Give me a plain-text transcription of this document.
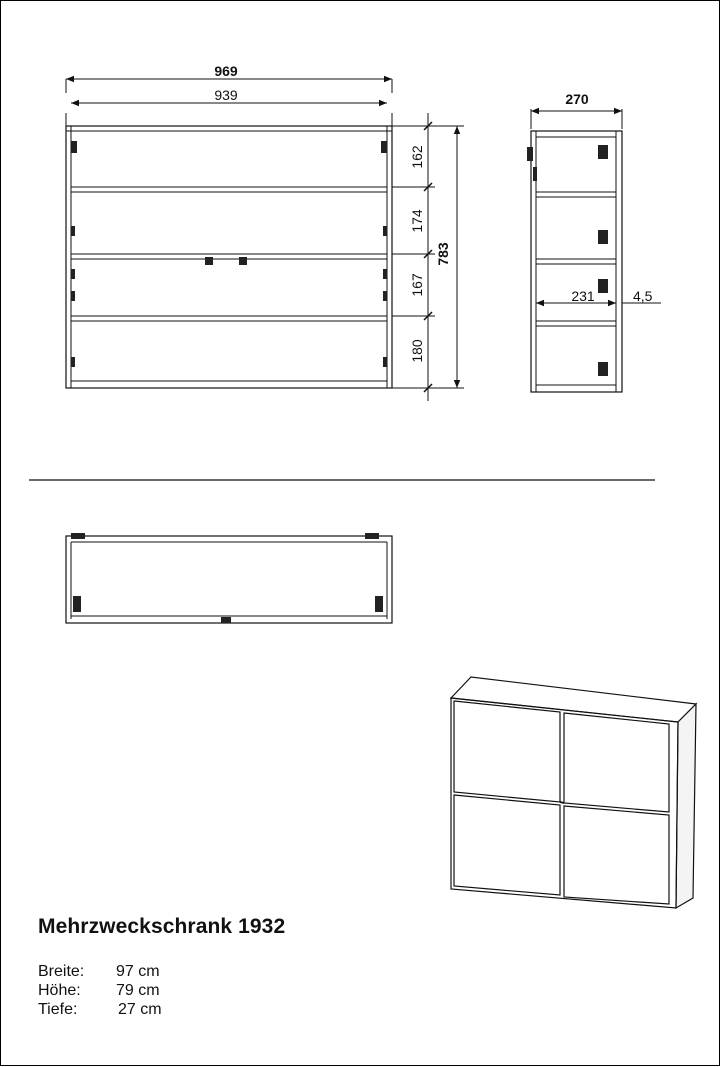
969
939
783
162
174
167
180
270
231	4,5
Mehrzweckschrank 1932
Breite: 97 cm
Höhe: 79 cm
Tiefe:	27 cm
